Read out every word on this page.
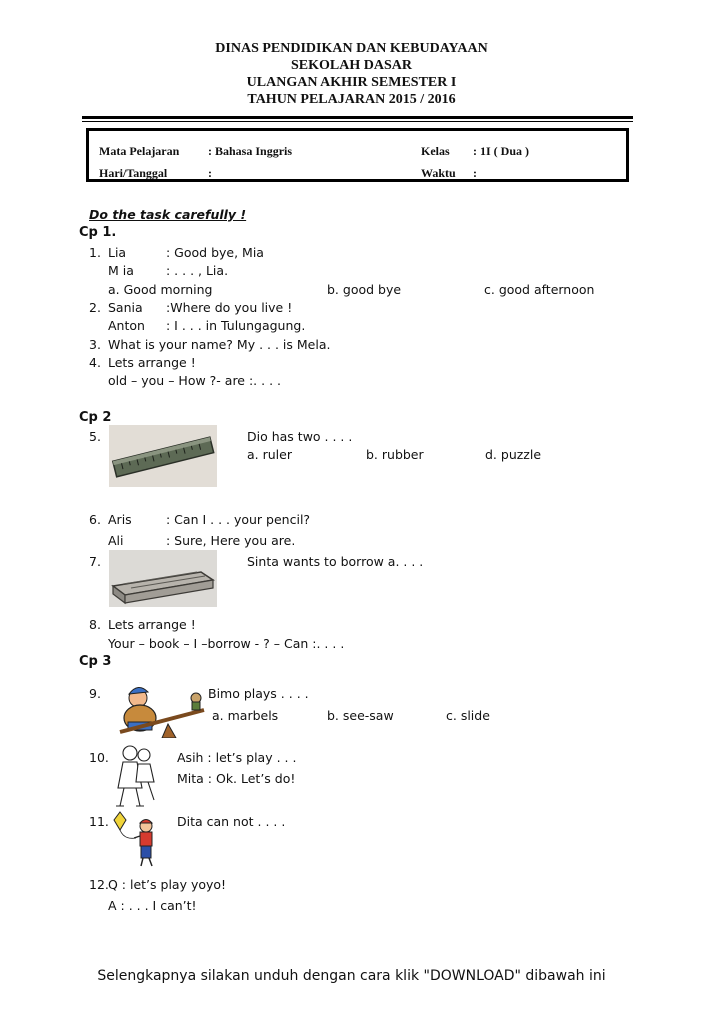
DINAS PENDIDIKAN DAN KEBUDAYAAN
SEKOLAH DASAR
ULANGAN AKHIR SEMESTER I
TAHUN PELAJARAN 2015 / 2016
Mata Pelajaran : Bahasa Inggris	Kelas : 1I ( Dua )
Hari/Tanggal	:	Waktu :
Do the task carefully !
Cp 1.
1. Lia	: Good bye, Mia
M ia	: . . . , Lia.
a. Good morning	b. good bye	c. good afternoon
2. Sania :Where do you live !
Anton : I . . . in Tulungagung.
3. What is your name? My . . . is Mela.
4. Lets arrange !
old – you – How ?- are :. . . .
Cp 2
5.	Dio has two . . . .
a. ruler	b. rubber	d. puzzle
6. Aris	: Can I . . . your pencil?
Ali	: Sure, Here you are.
7.	Sinta wants to borrow a. . . .
8. Lets arrange !
Your – book – I –borrow - ? – Can :. . . .
Cp 3
9.	Bimo plays . . . .
a. marbels	b. see-saw	c. slide
10.	Asih : let’s play . . .
Mita : Ok. Let’s do!
11.	Dita can not . . . .
12. Q : let’s play yoyo!
A : . . . I can’t!
Selengkapnya silakan unduh dengan cara klik "DOWNLOAD" dibawah ini
